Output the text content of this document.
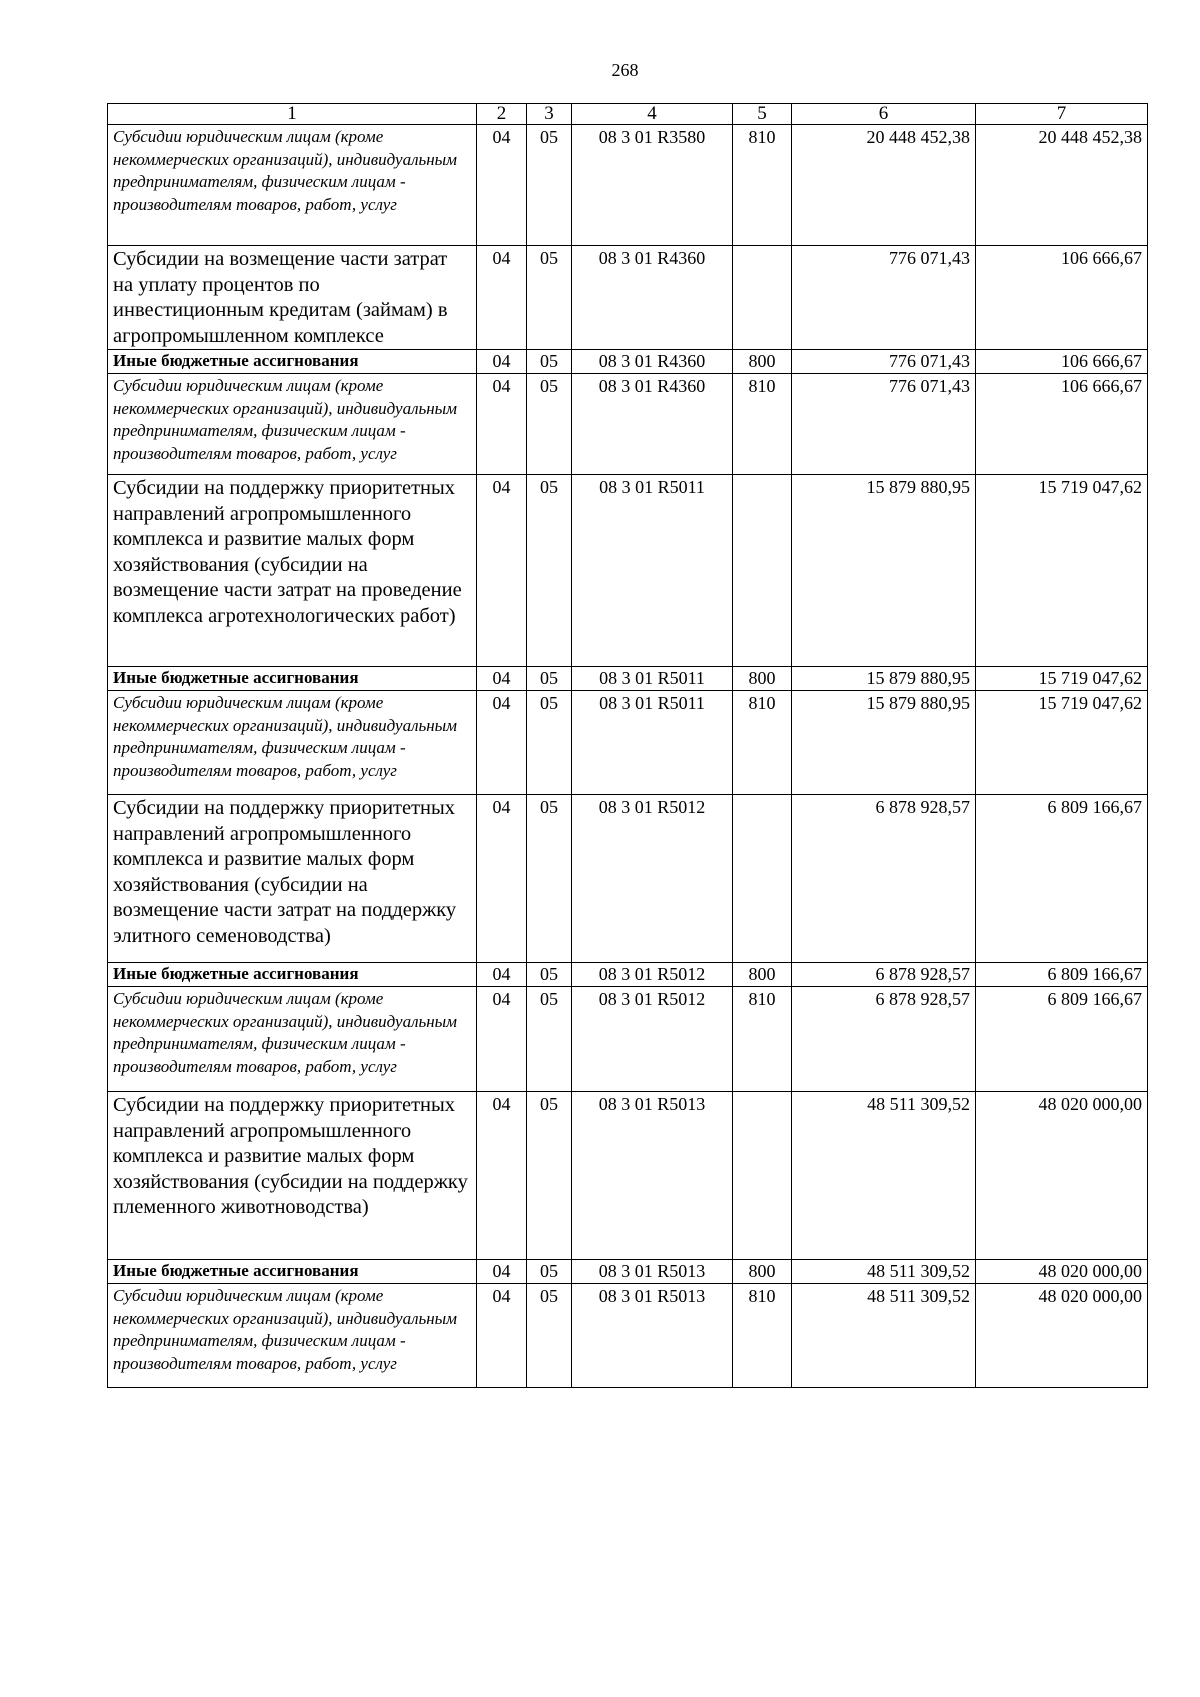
268
1	2	3	4	5	6	7
Субсидии юридическим лицам (кроме некоммерческих организаций), индивидуальным предпринимателям, физическим лицам - производителям товаров, работ, услуг	04	05	08 3 01 R3580	810	20 448 452,38	20 448 452,38
Субсидии на возмещение части затрат на уплату процентов по инвестиционным кредитам (займам) в агропромышленном комплексе	04	05	08 3 01 R4360		776 071,43	106 666,67
Иные бюджетные ассигнования	04	05	08 3 01 R4360	800	776 071,43	106 666,67
Субсидии юридическим лицам (кроме некоммерческих организаций), индивидуальным предпринимателям, физическим лицам - производителям товаров, работ, услуг	04	05	08 3 01 R4360	810	776 071,43	106 666,67
Субсидии на поддержку приоритетных направлений агропромышленного комплекса и развитие малых форм хозяйствования (субсидии на возмещение части затрат на проведение комплекса агротехнологических работ)	04	05	08 3 01 R5011		15 879 880,95	15 719 047,62
Иные бюджетные ассигнования	04	05	08 3 01 R5011	800	15 879 880,95	15 719 047,62
Субсидии юридическим лицам (кроме некоммерческих организаций), индивидуальным предпринимателям, физическим лицам - производителям товаров, работ, услуг	04	05	08 3 01 R5011	810	15 879 880,95	15 719 047,62
Субсидии на поддержку приоритетных направлений агропромышленного комплекса и развитие малых форм хозяйствования (субсидии на возмещение части затрат на поддержку элитного семеноводства)	04	05	08 3 01 R5012		6 878 928,57	6 809 166,67
Иные бюджетные ассигнования	04	05	08 3 01 R5012	800	6 878 928,57	6 809 166,67
Субсидии юридическим лицам (кроме некоммерческих организаций), индивидуальным предпринимателям, физическим лицам - производителям товаров, работ, услуг	04	05	08 3 01 R5012	810	6 878 928,57	6 809 166,67
Субсидии на поддержку приоритетных направлений агропромышленного комплекса и развитие малых форм хозяйствования (субсидии на поддержку племенного животноводства)	04	05	08 3 01 R5013		48 511 309,52	48 020 000,00
Иные бюджетные ассигнования	04	05	08 3 01 R5013	800	48 511 309,52	48 020 000,00
Субсидии юридическим лицам (кроме некоммерческих организаций), индивидуальным предпринимателям, физическим лицам - производителям товаров, работ, услуг	04	05	08 3 01 R5013	810	48 511 309,52	48 020 000,00
